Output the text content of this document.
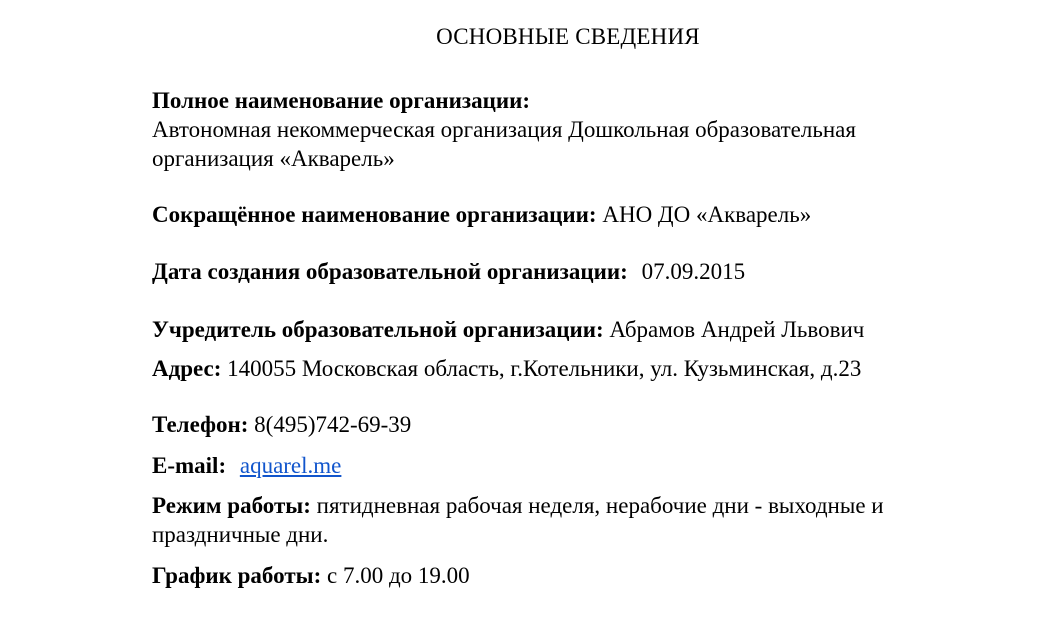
ОСНОВНЫЕ СВЕДЕНИЯ
Полное наименование организации:
Автономная некоммерческая организация Дошкольная образовательная
организация «Акварель»
Сокращённое наименование организации: АНО ДО «Акварель»
Дата создания образовательной организации: 07.09.2015
Учредитель образовательной организации: Абрамов Андрей Львович
Адрес: 140055 Московская область, г.Котельники, ул. Кузьминская, д.23
Телефон: 8(495)742-69-39
E-mail: aquarel.me
Режим работы: пятидневная рабочая неделя, нерабочие дни - выходные и
праздничные дни.
График работы: с 7.00 до 19.00
